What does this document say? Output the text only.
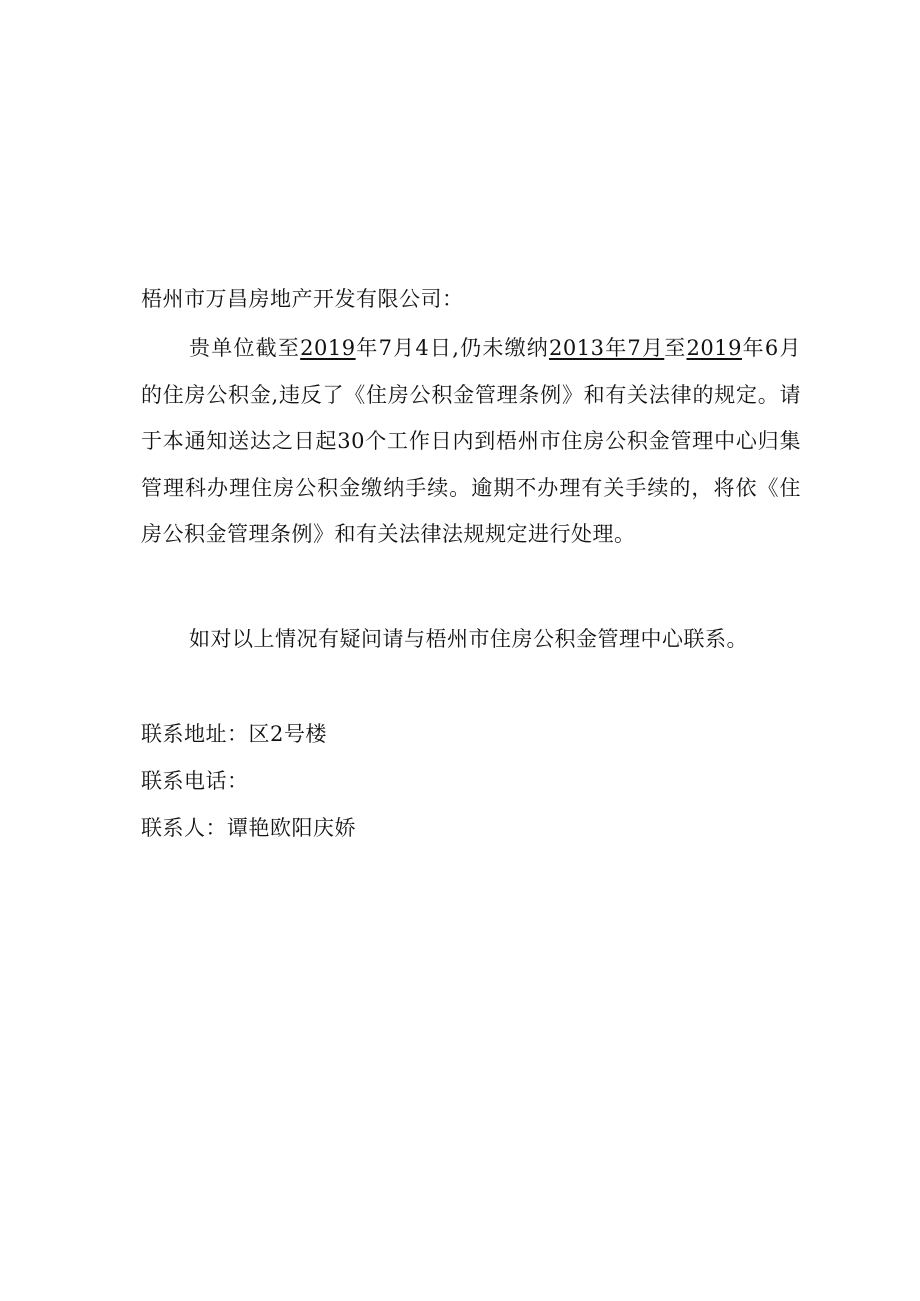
梧州市万昌房地产开发有限公司：
贵单位截至2019年7月4日,仍未缴纳2013年7月至2019年6月的住房公积金,违反了《住房公积金管理条例》和有关法律的规定。请于本通知送达之日起30个工作日内到梧州市住房公积金管理中心归集管理科办理住房公积金缴纳手续。逾期不办理有关手续的，将依《住房公积金管理条例》和有关法律法规规定进行处理。
如对以上情况有疑问请与梧州市住房公积金管理中心联系。
联系地址：区2号楼
联系电话：
联系人：谭艳欧阳庆娇
